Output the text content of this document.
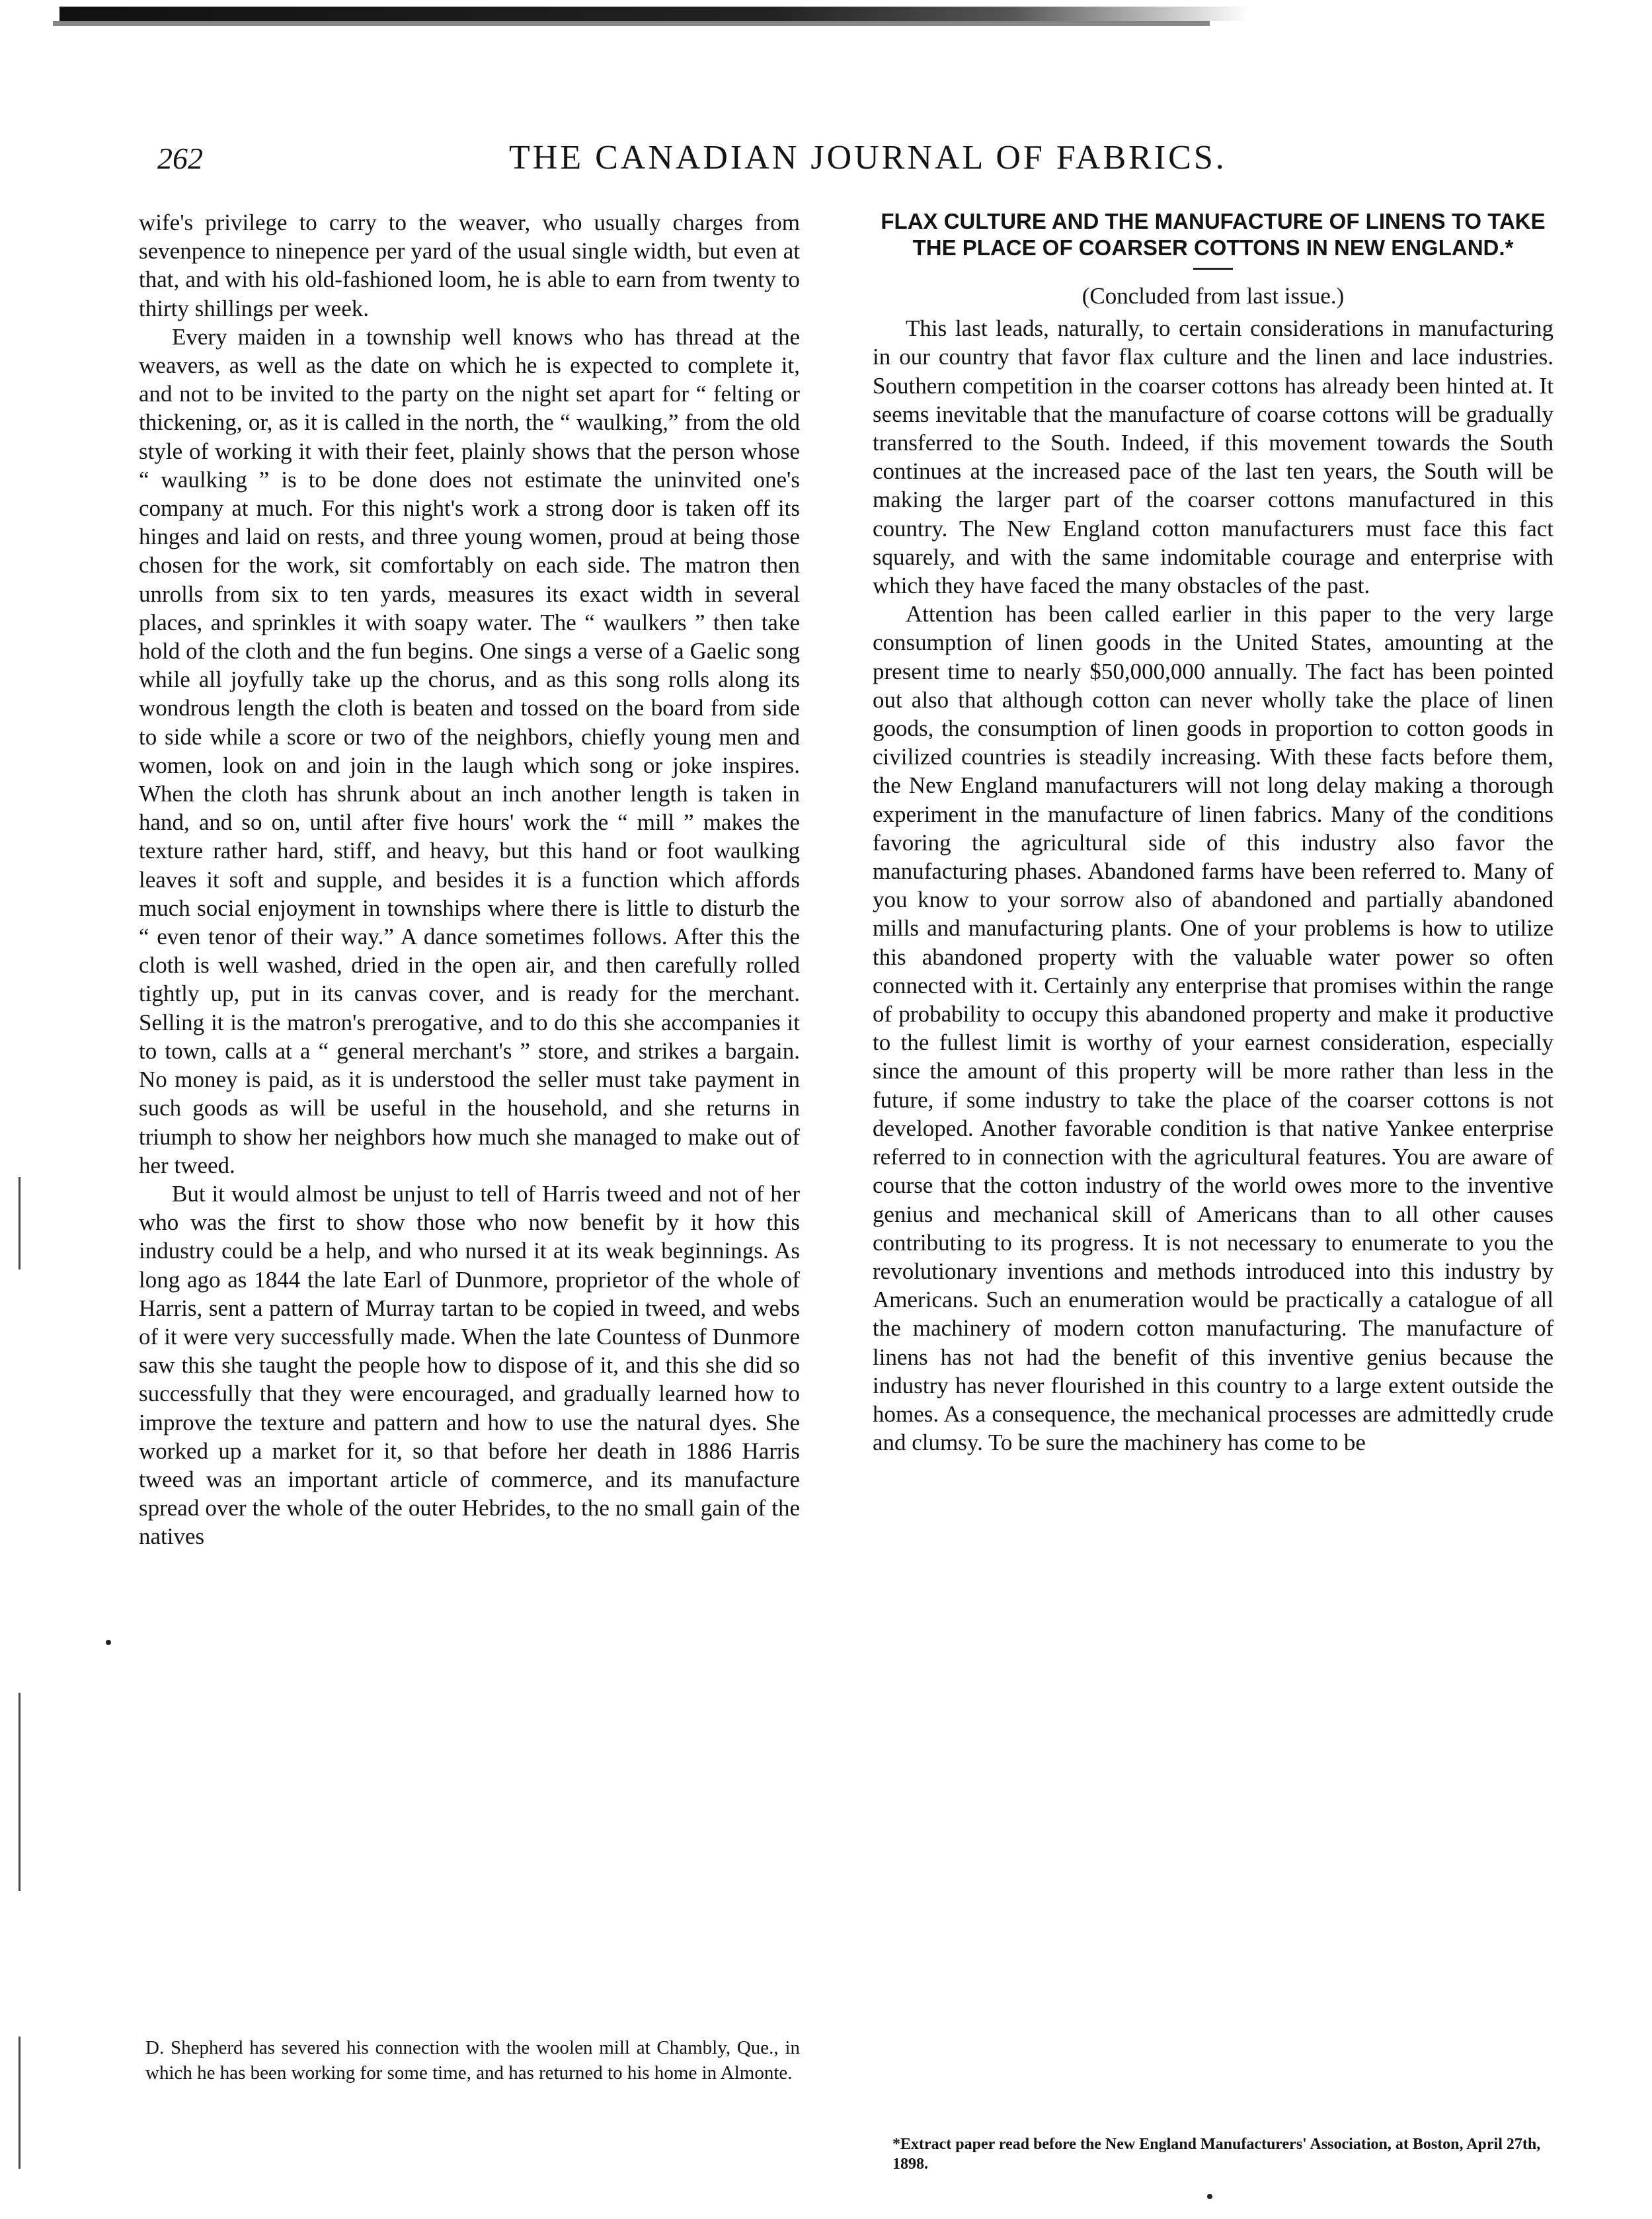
262	THE CANADIAN JOURNAL OF FABRICS.

wife's privilege to carry to the weaver, who usually charges from sevenpence to ninepence per yard of the usual single width, but even at that, and with his old-fashioned loom, he is able to earn from twenty to thirty shillings per week.

Every maiden in a township well knows who has thread at the weavers, as well as the date on which he is expected to complete it, and not to be invited to the party on the night set apart for “ felting or thickening, or, as it is called in the north, the “ waulking,” from the old style of working it with their feet, plainly shows that the person whose “ waulking ” is to be done does not estimate the uninvited one's company at much. For this night's work a strong door is taken off its hinges and laid on rests, and three young women, proud at being those chosen for the work, sit comfortably on each side. The matron then unrolls from six to ten yards, measures its exact width in several places, and sprinkles it with soapy water. The “ waulkers ” then take hold of the cloth and the fun begins. One sings a verse of a Gaelic song while all joyfully take up the chorus, and as this song rolls along its wondrous length the cloth is beaten and tossed on the board from side to side while a score or two of the neighbors, chiefly young men and women, look on and join in the laugh which song or joke inspires. When the cloth has shrunk about an inch another length is taken in hand, and so on, until after five hours' work the “ mill ” makes the texture rather hard, stiff, and heavy, but this hand or foot waulking leaves it soft and supple, and besides it is a function which affords much social enjoyment in townships where there is little to disturb the “ even tenor of their way.” A dance sometimes follows. After this the cloth is well washed, dried in the open air, and then carefully rolled tightly up, put in its canvas cover, and is ready for the merchant. Selling it is the matron's prerogative, and to do this she accompanies it to town, calls at a “ general merchant's ” store, and strikes a bargain. No money is paid, as it is understood the seller must take payment in such goods as will be useful in the household, and she returns in triumph to show her neighbors how much she managed to make out of her tweed.

But it would almost be unjust to tell of Harris tweed and not of her who was the first to show those who now benefit by it how this industry could be a help, and who nursed it at its weak beginnings. As long ago as 1844 the late Earl of Dunmore, proprietor of the whole of Harris, sent a pattern of Murray tartan to be copied in tweed, and webs of it were very successfully made. When the late Countess of Dunmore saw this she taught the people how to dispose of it, and this she did so successfully that they were encouraged, and gradually learned how to improve the texture and pattern and how to use the natural dyes. She worked up a market for it, so that before her death in 1886 Harris tweed was an important article of commerce, and its manufacture spread over the whole of the outer Hebrides, to the no small gain of the natives

D. Shepherd has severed his connection with the woolen mill at Chambly, Que., in which he has been working for some time, and has returned to his home in Almonte.
FLAX CULTURE AND THE MANUFACTURE OF LINENS TO TAKE THE PLACE OF COARSER COTTONS IN NEW ENGLAND.*
(Concluded from last issue.)

This last leads, naturally, to certain considerations in manufacturing in our country that favor flax culture and the linen and lace industries. Southern competition in the coarser cottons has already been hinted at. It seems inevitable that the manufacture of coarse cottons will be gradually transferred to the South. Indeed, if this movement towards the South continues at the increased pace of the last ten years, the South will be making the larger part of the coarser cottons manufactured in this country. The New England cotton manufacturers must face this fact squarely, and with the same indomitable courage and enterprise with which they have faced the many obstacles of the past.

Attention has been called earlier in this paper to the very large consumption of linen goods in the United States, amounting at the present time to nearly $50,000,000 annually. The fact has been pointed out also that although cotton can never wholly take the place of linen goods, the consumption of linen goods in proportion to cotton goods in civilized countries is steadily increasing. With these facts before them, the New England manufacturers will not long delay making a thorough experiment in the manufacture of linen fabrics. Many of the conditions favoring the agricultural side of this industry also favor the manufacturing phases. Abandoned farms have been referred to. Many of you know to your sorrow also of abandoned and partially abandoned mills and manufacturing plants. One of your problems is how to utilize this abandoned property with the valuable water power so often connected with it. Certainly any enterprise that promises within the range of probability to occupy this abandoned property and make it productive to the fullest limit is worthy of your earnest consideration, especially since the amount of this property will be more rather than less in the future, if some industry to take the place of the coarser cottons is not developed. Another favorable condition is that native Yankee enterprise referred to in connection with the agricultural features. You are aware of course that the cotton industry of the world owes more to the inventive genius and mechanical skill of Americans than to all other causes contributing to its progress. It is not necessary to enumerate to you the revolutionary inventions and methods introduced into this industry by Americans. Such an enumeration would be practically a catalogue of all the machinery of modern cotton manufacturing. The manufacture of linens has not had the benefit of this inventive genius because the industry has never flourished in this country to a large extent outside the homes. As a consequence, the mechanical processes are admittedly crude and clumsy. To be sure the machinery has come to be

*Extract paper read before the New England Manufacturers' Association, at Boston, April 27th, 1898.
